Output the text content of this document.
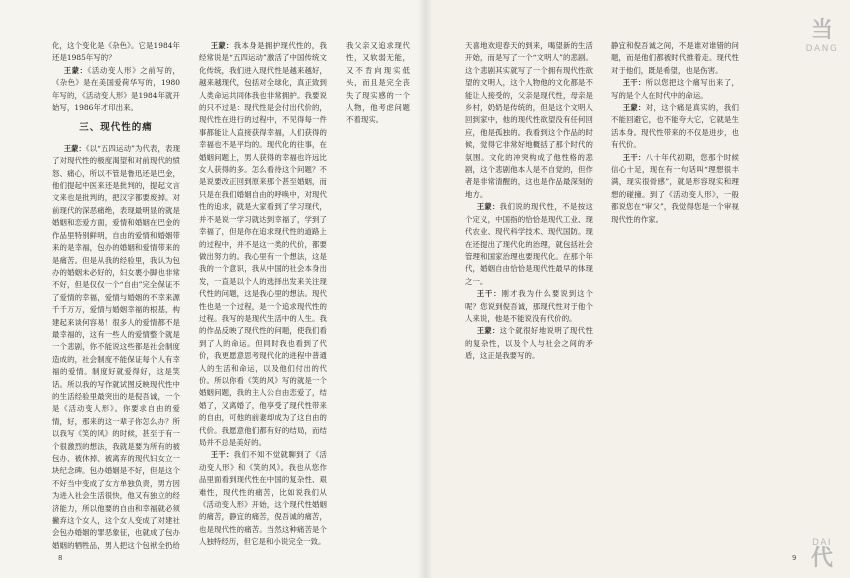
化，这个变化是《杂色》。它是1984年还是1985年写的？

王蒙：《活动变人形》之前写的，《杂色》是在美国爱荷华写的，1980年写的，《活动变人形》是1984年就开始写，1986年才印出来。

三、现代性的痛

王蒙：《以“五四运动”为代表，表现了对现代性的极度渴望和对前现代的愤怒、痛心，所以不管是鲁迅还是巴金，他们提起中医来还是批判的，提起文言文来也是批判的，把汉字都要废掉。对前现代的深恶痛绝，表现最明显的就是婚姻和恋爱方面，爱情和婚姻在巴金的作品里特别鲜明，自由的爱情和婚姻带来的是幸福，包办的婚姻和爱情带来的是痛苦。但是从我的经验里，我认为包办的婚姻未必好的，妇女裹小脚也非常不好，但是仅仅一个“自由”完全保证不了爱情的幸福，爱情与婚姻的不幸来源千千万万，爱情与婚姻幸福的根基，构建起来谈何容易！很多人的爱情都不是最幸福的，这有一些人的爱情整个就是一个悲剧，你不能说这些都是社会制度造成的，社会制度不能保证每个人有幸福的爱情。制度好就爱得好，这是笑话。所以我的写作就试图反映现代性中的生活经验里最突出的是倪吾诚，一个是《活动变人形》。你要求自由的爱情，好，那来的这一辈子你怎么办？所以我写《笑的风》的时候，甚至于有一个很激烈的想法，我就是要为所有的被包办、被休掉、被离弃的现代妇女立一块纪念碑。包办婚姻是不好，但是这个不好当中变成了女方单独负责，男方因为进入社会生活很快，他又有独立的经济能力，所以他要的自由和幸福就必须撇弃这个女人，这个女人变成了对建社会包办婚姻的罪恶象征，也就成了包办婚姻的牺牲品，男人把这个包袱全扔给

王蒙：我本身是拥护现代性的，我经常说是“五四运动”激活了中国传统文化传统，我们进入现代性是越来越好，越来越现代，包括对全球化，真正致到人类命运共同体我也非常拥护。我要说的只不过是：现代性是会付出代价的，现代性在进行的过程中，不见得每一件事都能让人直接获得幸福，人们获得的幸福也不是平均的。现代化的往事，在婚姻问题上，男人获得的幸福也许远比女人获得的多。怎么看待这个问题？不是说要改正回到原来那个甚至婚姻，而只是在我们婚姻自由的呼唤中，对现代性的追求，就是大家看到了学习现代，并不是说一学习就达到幸福了，学到了幸福了，但是你在追求现代性的道路上的过程中，并不是这一类的代价，都要做出努力的。我心里有一个想法，这是我的一个意识，我从中国的社会本身出发，一直是以个人的选择出发来关注现代性的问题，这是我心里的想法。现代性也是一个过程，是一个追求现代性的过程。我写的是现代生活中的人生。我的作品反映了现代性的问题，使我们看到了人的命运。但同时我也看到了代价，我更愿意思考现代化的进程中普通人的生活和命运，以及他们付出的代价。所以你看《笑的风》写的就是一个婚姻问题，我的主人公自由恋爱了，结婚了，又离婚了，他享受了现代性带来的自由，可他的前妻却成为了这自由的代价。我愿意他们都有好的结局，而结局并不总是美好的。

王干：我们不知不觉就聊到了《活动变人形》和《笑的风》。我也从您作品里面看到现代性在中国的复杂性、艰难性，现代性的痛苦，比如说我们从《活动变人形》开始，这个现代性婚姻的痛苦，静宜的痛苦，倪吾诚的痛苦，也是现代性的痛苦。当然这种痛苦是个人独特经历，但它是和小说完全一致。

我父亲又追求现代性，又软弱无能，又不肯向现实低头，而且是完全丧失了现实感的一个人物，他考虑问题不着现实。

天喜地欢迎春天的到来，喝望新的生活开始，而是写了一个“文明人”的悲剧。这个悲剧其实就写了一个拥有现代性欲望的文明人，这个人物他的文化都是不能让人接受的，父亲是现代性，母亲是乡村，奶奶是传统的，但是这个文明人回到家中，他的现代性欲望没有任何回应，他是孤独的。我看到这个作品的时候，觉得它非常好地概括了那个时代的氛围。文化的冲突构成了他性格的悲剧，这个悲剧他本人是不自觉的，但作者是非常清醒的，这也是作品最深刻的地方。

王蒙：我们说的现代性，不是按这个定义，中国指的恰恰是现代工业、现代农业、现代科学技术、现代国防。现在还提出了现代化的治理，就包括社会管理和国家治理也要现代化。在那个年代，婚姻自由恰恰是现代性最早的体现之一。

王干：刚才我为什么要说到这个呢？您说到倪吾诚，那现代性对于他个人来说，他是不能说没有代价的。

王蒙：这个就很好地说明了现代性的复杂性，以及个人与社会之间的矛盾，这正是我要写的。

静宜和倪吾诚之间，不是谁对谁错的问题，而是他们都被时代推着走。现代性对于他们，既是希望，也是伤害。

王干：所以您把这个痛写出来了，写的是个人在时代中的命运。

王蒙：对，这个痛是真实的，我们不能回避它，也不能夸大它，它就是生活本身。现代性带来的不仅是进步，也有代价。

王干：八十年代初期，您那个时候信心十足，现在有一句话叫“理想很丰满，现实很骨感”，就是形容现实和理想的碰撞。到了《活动变人形》，一般都说您在“审父”，我觉得您是一个审视现代性的作家。

8	9
当
DANG
DAI
代
